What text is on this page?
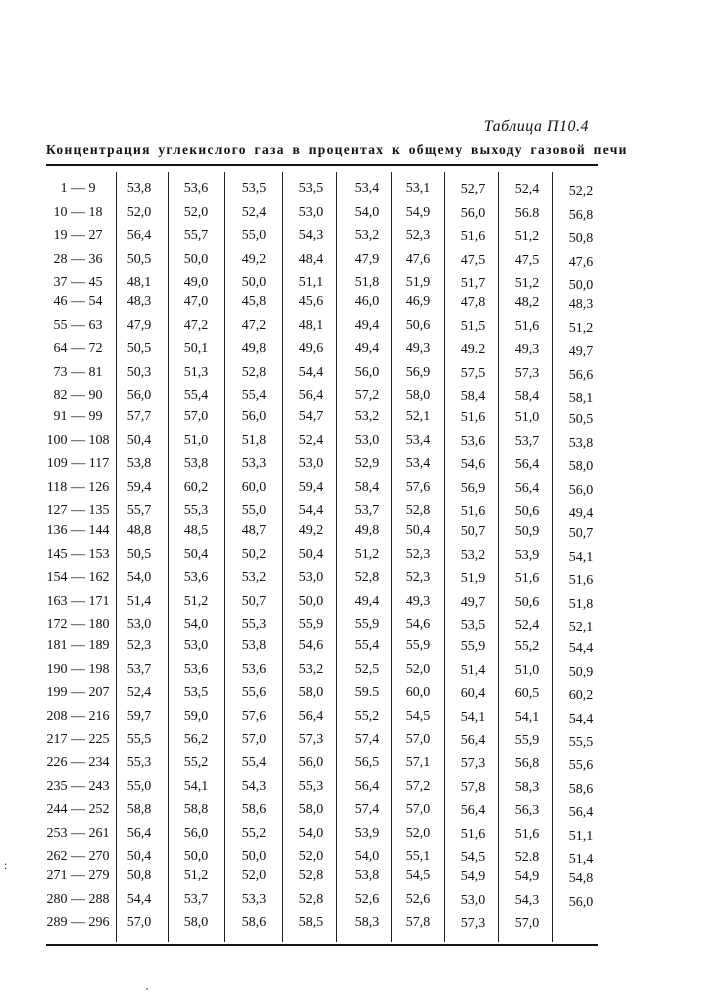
Таблица П10.4
Концентрация углекислого газа в процентах к общему выходу газовой печи
1 — 9	53,8	53,6	53,5	53,5	53,4	53,1	52,7	52,4	52,2
10 — 18	52,0	52,0	52,4	53,0	54,0	54,9	56,0	56.8	56,8
19 — 27	56,4	55,7	55,0	54,3	53,2	52,3	51,6	51,2	50,8
28 — 36	50,5	50,0	49,2	48,4	47,9	47,6	47,5	47,5	47,6
37 — 45	48,1	49,0	50,0	51,1	51,8	51,9	51,7	51,2	50,0
46 — 54	48,3	47,0	45,8	45,6	46,0	46,9	47,8	48,2	48,3
55 — 63	47,9	47,2	47,2	48,1	49,4	50,6	51,5	51,6	51,2
64 — 72	50,5	50,1	49,8	49,6	49,4	49,3	49.2	49,3	49,7
73 — 81	50,3	51,3	52,8	54,4	56,0	56,9	57,5	57,3	56,6
82 — 90	56,0	55,4	55,4	56,4	57,2	58,0	58,4	58,4	58,1
91 — 99	57,7	57,0	56,0	54,7	53,2	52,1	51,6	51,0	50,5
100 — 108	50,4	51,0	51,8	52,4	53,0	53,4	53,6	53,7	53,8
109 — 117	53,8	53,8	53,3	53,0	52,9	53,4	54,6	56,4	58,0
118 — 126	59,4	60,2	60,0	59,4	58,4	57,6	56,9	56,4	56,0
127 — 135	55,7	55,3	55,0	54,4	53,7	52,8	51,6	50,6	49,4
136 — 144	48,8	48,5	48,7	49,2	49,8	50,4	50,7	50,9	50,7
145 — 153	50,5	50,4	50,2	50,4	51,2	52,3	53,2	53,9	54,1
154 — 162	54,0	53,6	53,2	53,0	52,8	52,3	51,9	51,6	51,6
163 — 171	51,4	51,2	50,7	50,0	49,4	49,3	49,7	50,6	51,8
172 — 180	53,0	54,0	55,3	55,9	55,9	54,6	53,5	52,4	52,1
181 — 189	52,3	53,0	53,8	54,6	55,4	55,9	55,9	55,2	54,4
190 — 198	53,7	53,6	53,6	53,2	52,5	52,0	51,4	51,0	50,9
199 — 207	52,4	53,5	55,6	58,0	59.5	60,0	60,4	60,5	60,2
208 — 216	59,7	59,0	57,6	56,4	55,2	54,5	54,1	54,1	54,4
217 — 225	55,5	56,2	57,0	57,3	57,4	57,0	56,4	55,9	55,5
226 — 234	55,3	55,2	55,4	56,0	56,5	57,1	57,3	56,8	55,6
235 — 243	55,0	54,1	54,3	55,3	56,4	57,2	57,8	58,3	58,6
244 — 252	58,8	58,8	58,6	58,0	57,4	57,0	56,4	56,3	56,4
253 — 261	56,4	56,0	55,2	54,0	53,9	52,0	51,6	51,6	51,1
262 — 270	50,4	50,0	50,0	52,0	54,0	55,1	54,5	52.8	51,4
271 — 279	50,8	51,2	52,0	52,8	53,8	54,5	54,9	54,9	54,8
280 — 288	54,4	53,7	53,3	52,8	52,6	52,6	53,0	54,3	56,0
289 — 296	57,0	58,0	58,6	58,5	58,3	57,8	57,3	57,0
:
